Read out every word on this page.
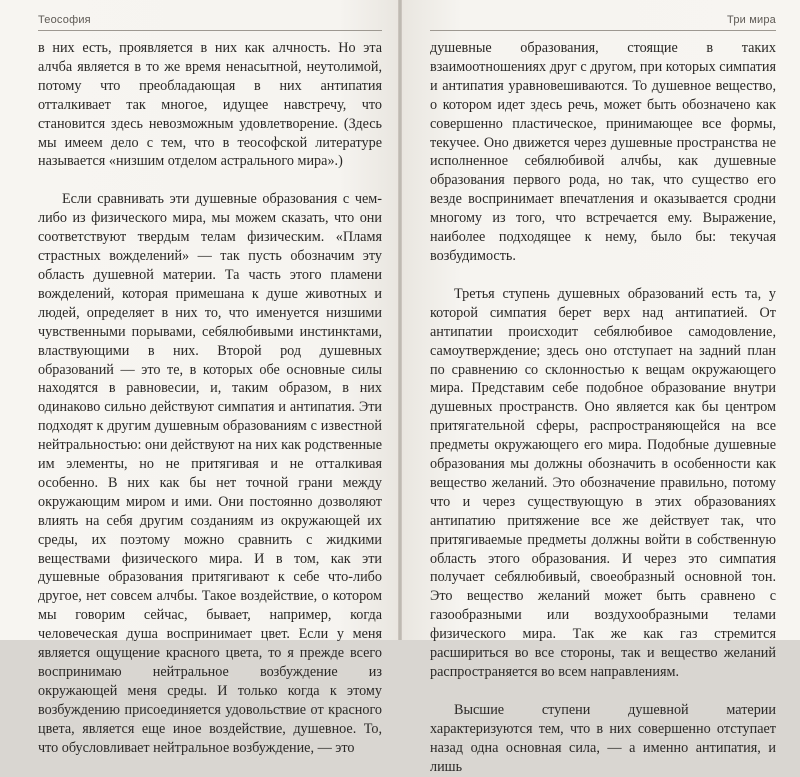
Теософия

в них есть, проявляется в них как алчность. Но эта алчба является в то же время ненасытной, неутолимой, потому что преобладающая в них антипатия отталкивает так многое, идущее навстречу, что становится здесь невозможным удовлетворение. (Здесь мы имеем дело с тем, что в теософской литературе называется «низшим отделом астрального мира».)

Если сравнивать эти душевные образования с чем-либо из физического мира, мы можем сказать, что они соответствуют твердым телам физическим. «Пламя страстных вожделений» — так пусть обозначим эту область душевной материи. Та часть этого пламени вожделений, которая примешана к душе животных и людей, определяет в них то, что именуется низшими чувственными порывами, себялюбивыми инстинктами, властвующими в них. Второй род душевных образований — это те, в которых обе основные силы находятся в равновесии, и, таким образом, в них одинаково сильно действуют симпатия и антипатия. Эти подходят к другим душевным образованиям с известной нейтральностью: они действуют на них как родственные им элементы, но не притягивая и не отталкивая особенно. В них как бы нет точной грани между окружающим миром и ими. Они постоянно дозволяют влиять на себя другим созданиям из окружающей их среды, их поэтому можно сравнить с жидкими веществами физического мира. И в том, как эти душевные образования притягивают к себе что-либо другое, нет совсем алчбы. Такое воздействие, о котором мы говорим сейчас, бывает, например, когда человеческая душа воспринимает цвет. Если у меня является ощущение красного цвета, то я прежде всего воспринимаю нейтральное возбуждение из окружающей меня среды. И только когда к этому возбуждению присоединяется удовольствие от красного цвета, является еще иное воздействие, душевное. То, что обусловливает нейтральное возбуждение, — это

Три мира

душевные образования, стоящие в таких взаимоотношениях друг с другом, при которых симпатия и антипатия уравновешиваются. То душевное вещество, о котором идет здесь речь, может быть обозначено как совершенно пластическое, принимающее все формы, текучее. Оно движется через душевные пространства не исполненное себялюбивой алчбы, как душевные образования первого рода, но так, что существо его везде воспринимает впечатления и оказывается сродни многому из того, что встречается ему. Выражение, наиболее подходящее к нему, было бы: текучая возбудимость.

Третья ступень душевных образований есть та, у которой симпатия берет верх над антипатией. От антипатии происходит себялюбивое самодовление, самоутверждение; здесь оно отступает на задний план по сравнению со склонностью к вещам окружающего мира. Представим себе подобное образование внутри душевных пространств. Оно является как бы центром притягательной сферы, распространяющейся на все предметы окружающего его мира. Подобные душевные образования мы должны обозначить в особенности как вещество желаний. Это обозначение правильно, потому что и через существующую в этих образованиях антипатию притяжение все же действует так, что притягиваемые предметы должны войти в собственную область этого образования. И через это симпатия получает себялюбивый, своеобразный основной тон. Это вещество желаний может быть сравнено с газообразными или воздухообразными телами физического мира. Так же как газ стремится расшириться во все стороны, так и вещество желаний распространяется во всем направлениям.

Высшие ступени душевной материи характеризуются тем, что в них совершенно отступает назад одна основная сила, — а именно антипатия, и лишь
